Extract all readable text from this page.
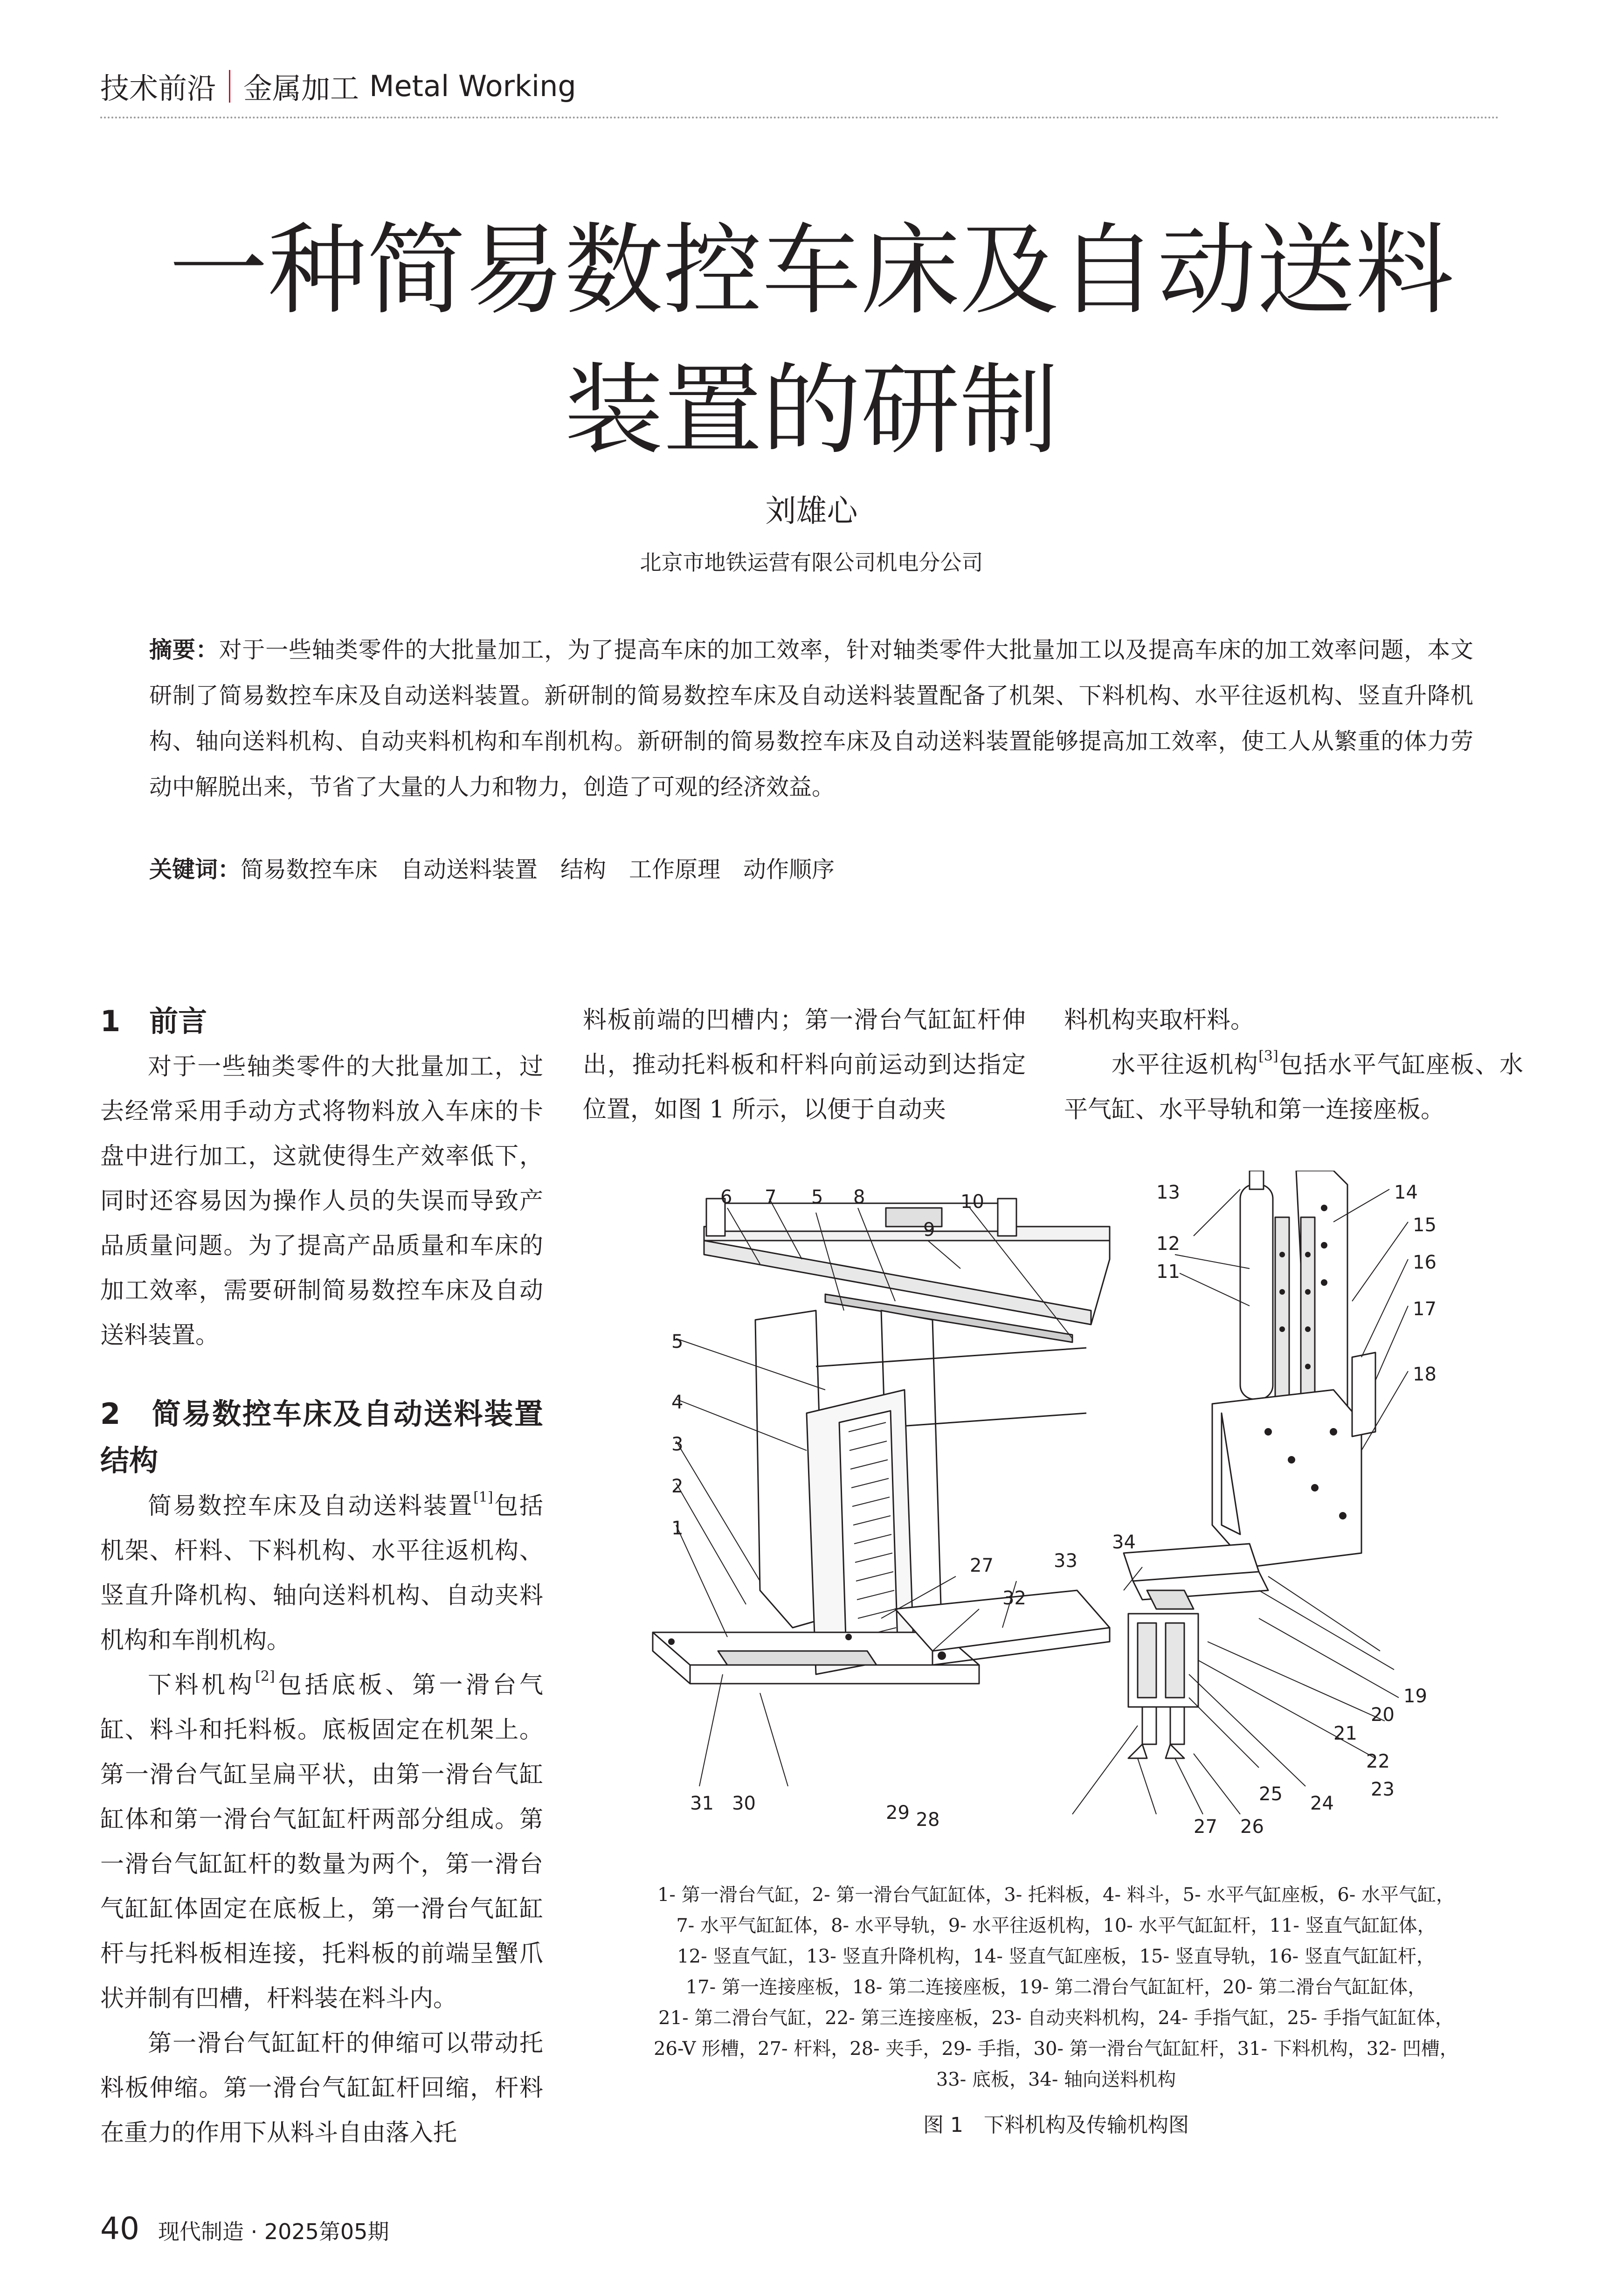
技术前沿 金属加工 Metal Working
一种简易数控车床及自动送料
装置的研制
刘雄心
北京市地铁运营有限公司机电分公司
摘要：对于一些轴类零件的大批量加工，为了提高车床的加工效率，针对轴类零件大批量加工以及提高车床的加工效率问题，本文研制了简易数控车床及自动送料装置。新研制的简易数控车床及自动送料装置配备了机架、下料机构、水平往返机构、竖直升降机构、轴向送料机构、自动夹料机构和车削机构。新研制的简易数控车床及自动送料装置能够提高加工效率，使工人从繁重的体力劳动中解脱出来，节省了大量的人力和物力，创造了可观的经济效益。
关键词：简易数控车床　自动送料装置　结构　工作原理　动作顺序
1　前言

对于一些轴类零件的大批量加工，过去经常采用手动方式将物料放入车床的卡盘中进行加工，这就使得生产效率低下，同时还容易因为操作人员的失误而导致产品质量问题。为了提高产品质量和车床的加工效率，需要研制简易数控车床及自动送料装置。

2　简易数控车床及自动送料装置结构

简易数控车床及自动送料装置[1]包括机架、杆料、下料机构、水平往返机构、竖直升降机构、轴向送料机构、自动夹料机构和车削机构。

下料机构[2]包括底板、第一滑台气缸、料斗和托料板。底板固定在机架上。第一滑台气缸呈扁平状，由第一滑台气缸缸体和第一滑台气缸缸杆两部分组成。第一滑台气缸缸杆的数量为两个，第一滑台气缸缸体固定在底板上，第一滑台气缸缸杆与托料板相连接，托料板的前端呈蟹爪状并制有凹槽，杆料装在料斗内。

第一滑台气缸缸杆的伸缩可以带动托料板伸缩。第一滑台气缸缸杆回缩，杆料在重力的作用下从料斗自由落入托

料板前端的凹槽内；第一滑台气缸缸杆伸出，推动托料板和杆料向前运动到达指定位置，如图 1 所示，以便于自动夹

料机构夹取杆料。

水平往返机构[3]包括水平气缸座板、水平气缸、水平导轨和第一连接座板。

28
1
2
3
4
5
5
6 7	8
9
10
11
12
13	14
15
16
17
18
19
20
21
22
23
24
25
26
27
27
29
30
31
32
33
34
1- 第一滑台气缸，2- 第一滑台气缸缸体，3- 托料板，4- 料斗，5- 水平气缸座板，6- 水平气缸，
7- 水平气缸缸体，8- 水平导轨，9- 水平往返机构，10- 水平气缸缸杆，11- 竖直气缸缸体，
12- 竖直气缸，13- 竖直升降机构，14- 竖直气缸座板，15- 竖直导轨，16- 竖直气缸缸杆，
17- 第一连接座板，18- 第二连接座板，19- 第二滑台气缸缸杆，20- 第二滑台气缸缸体，
21- 第二滑台气缸，22- 第三连接座板，23- 自动夹料机构，24- 手指气缸，25- 手指气缸缸体，
26-V 形槽，27- 杆料，28- 夹手，29- 手指，30- 第一滑台气缸缸杆，31- 下料机构，32- 凹槽，
33- 底板，34- 轴向送料机构
图 1　下料机构及传输机构图
40 现代制造 · 2025第05期
